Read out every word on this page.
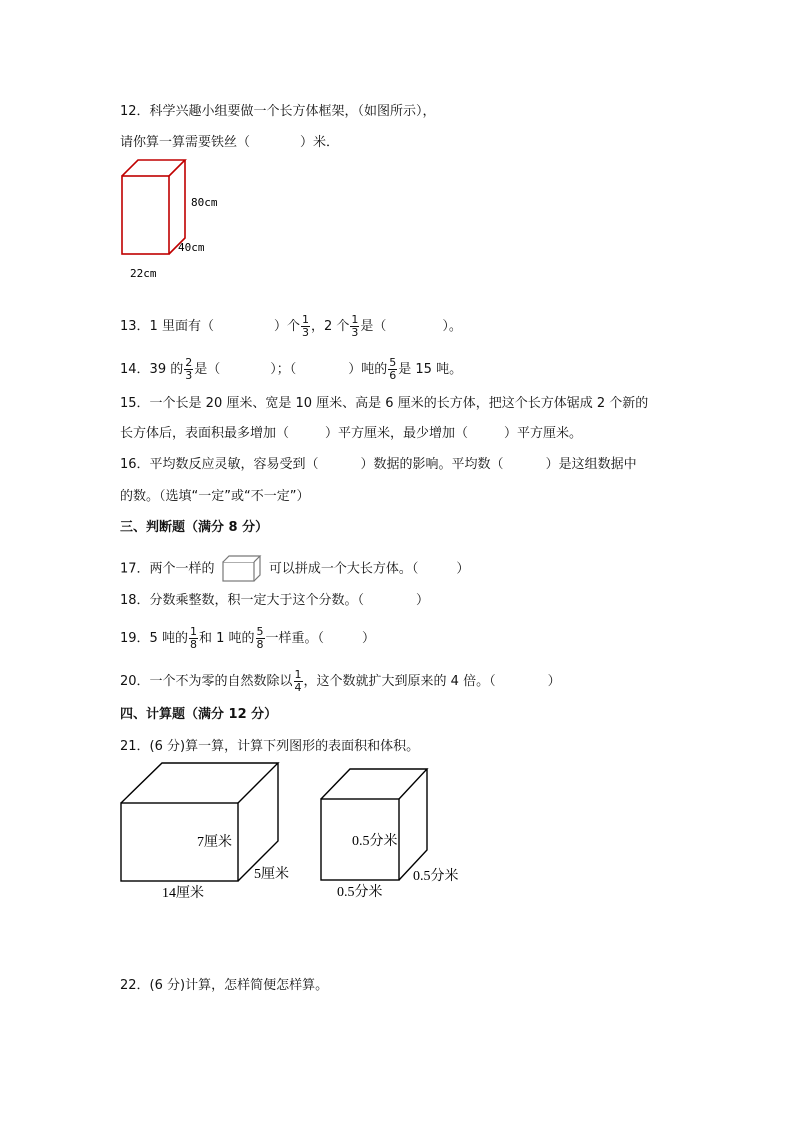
12．科学兴趣小组要做一个长方体框架，（如图所示），
请你算一算需要铁丝（	）米．
80cm
40cm
22cm
13．1 里面有（	）个 $\frac{1}{3}$ ，2 个 $\frac{1}{3}$ 是（	）。
14．39 的 $\frac{2}{3}$ 是（	）；（	）吨的 $\frac{5}{6}$ 是 15 吨。
15．一个长是 20 厘米、宽是 10 厘米、高是 6 厘米的长方体，把这个长方体锯成 2 个新的
长方体后，表面积最多增加（	）平方厘米，最少增加（	）平方厘米。
16．平均数反应灵敏，容易受到（	）数据的影响。平均数（	）是这组数据中
的数。（选填“一定”或“不一定”）
三、判断题（满分 8 分）
17．两个一样的	可以拼成一个大长方体。（	）
18．分数乘整数，积一定大于这个分数。（	）
19．5 吨的 $\frac{1}{8}$ 和 1 吨的 $\frac{5}{8}$ 一样重。（	）
20．一个不为零的自然数除以 $\frac{1}{4}$ ，这个数就扩大到原来的 4 倍。（	）
四、计算题（满分 12 分）
21．(6 分)算一算，计算下列图形的表面积和体积。
7厘米
5厘米
14厘米
0.5分米
0.5分米
0.5分米
22．(6 分)计算，怎样简便怎样算。
